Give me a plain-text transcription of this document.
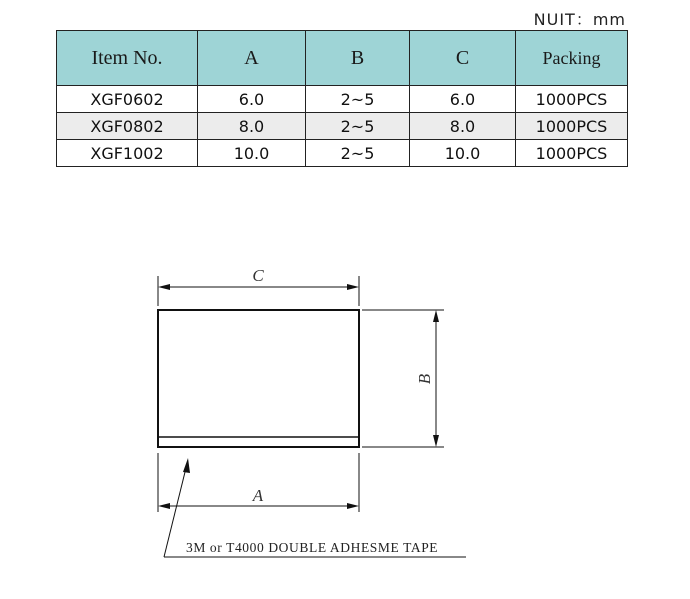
NUIT：mm
Item No.	A	B	C	Packing
XGF0602	6.0	2~5	6.0	1000PCS
XGF0802	8.0	2~5	8.0	1000PCS
XGF1002	10.0	2~5	10.0	1000PCS
C
B
A
3M or T4000 DOUBLE ADHESME TAPE
